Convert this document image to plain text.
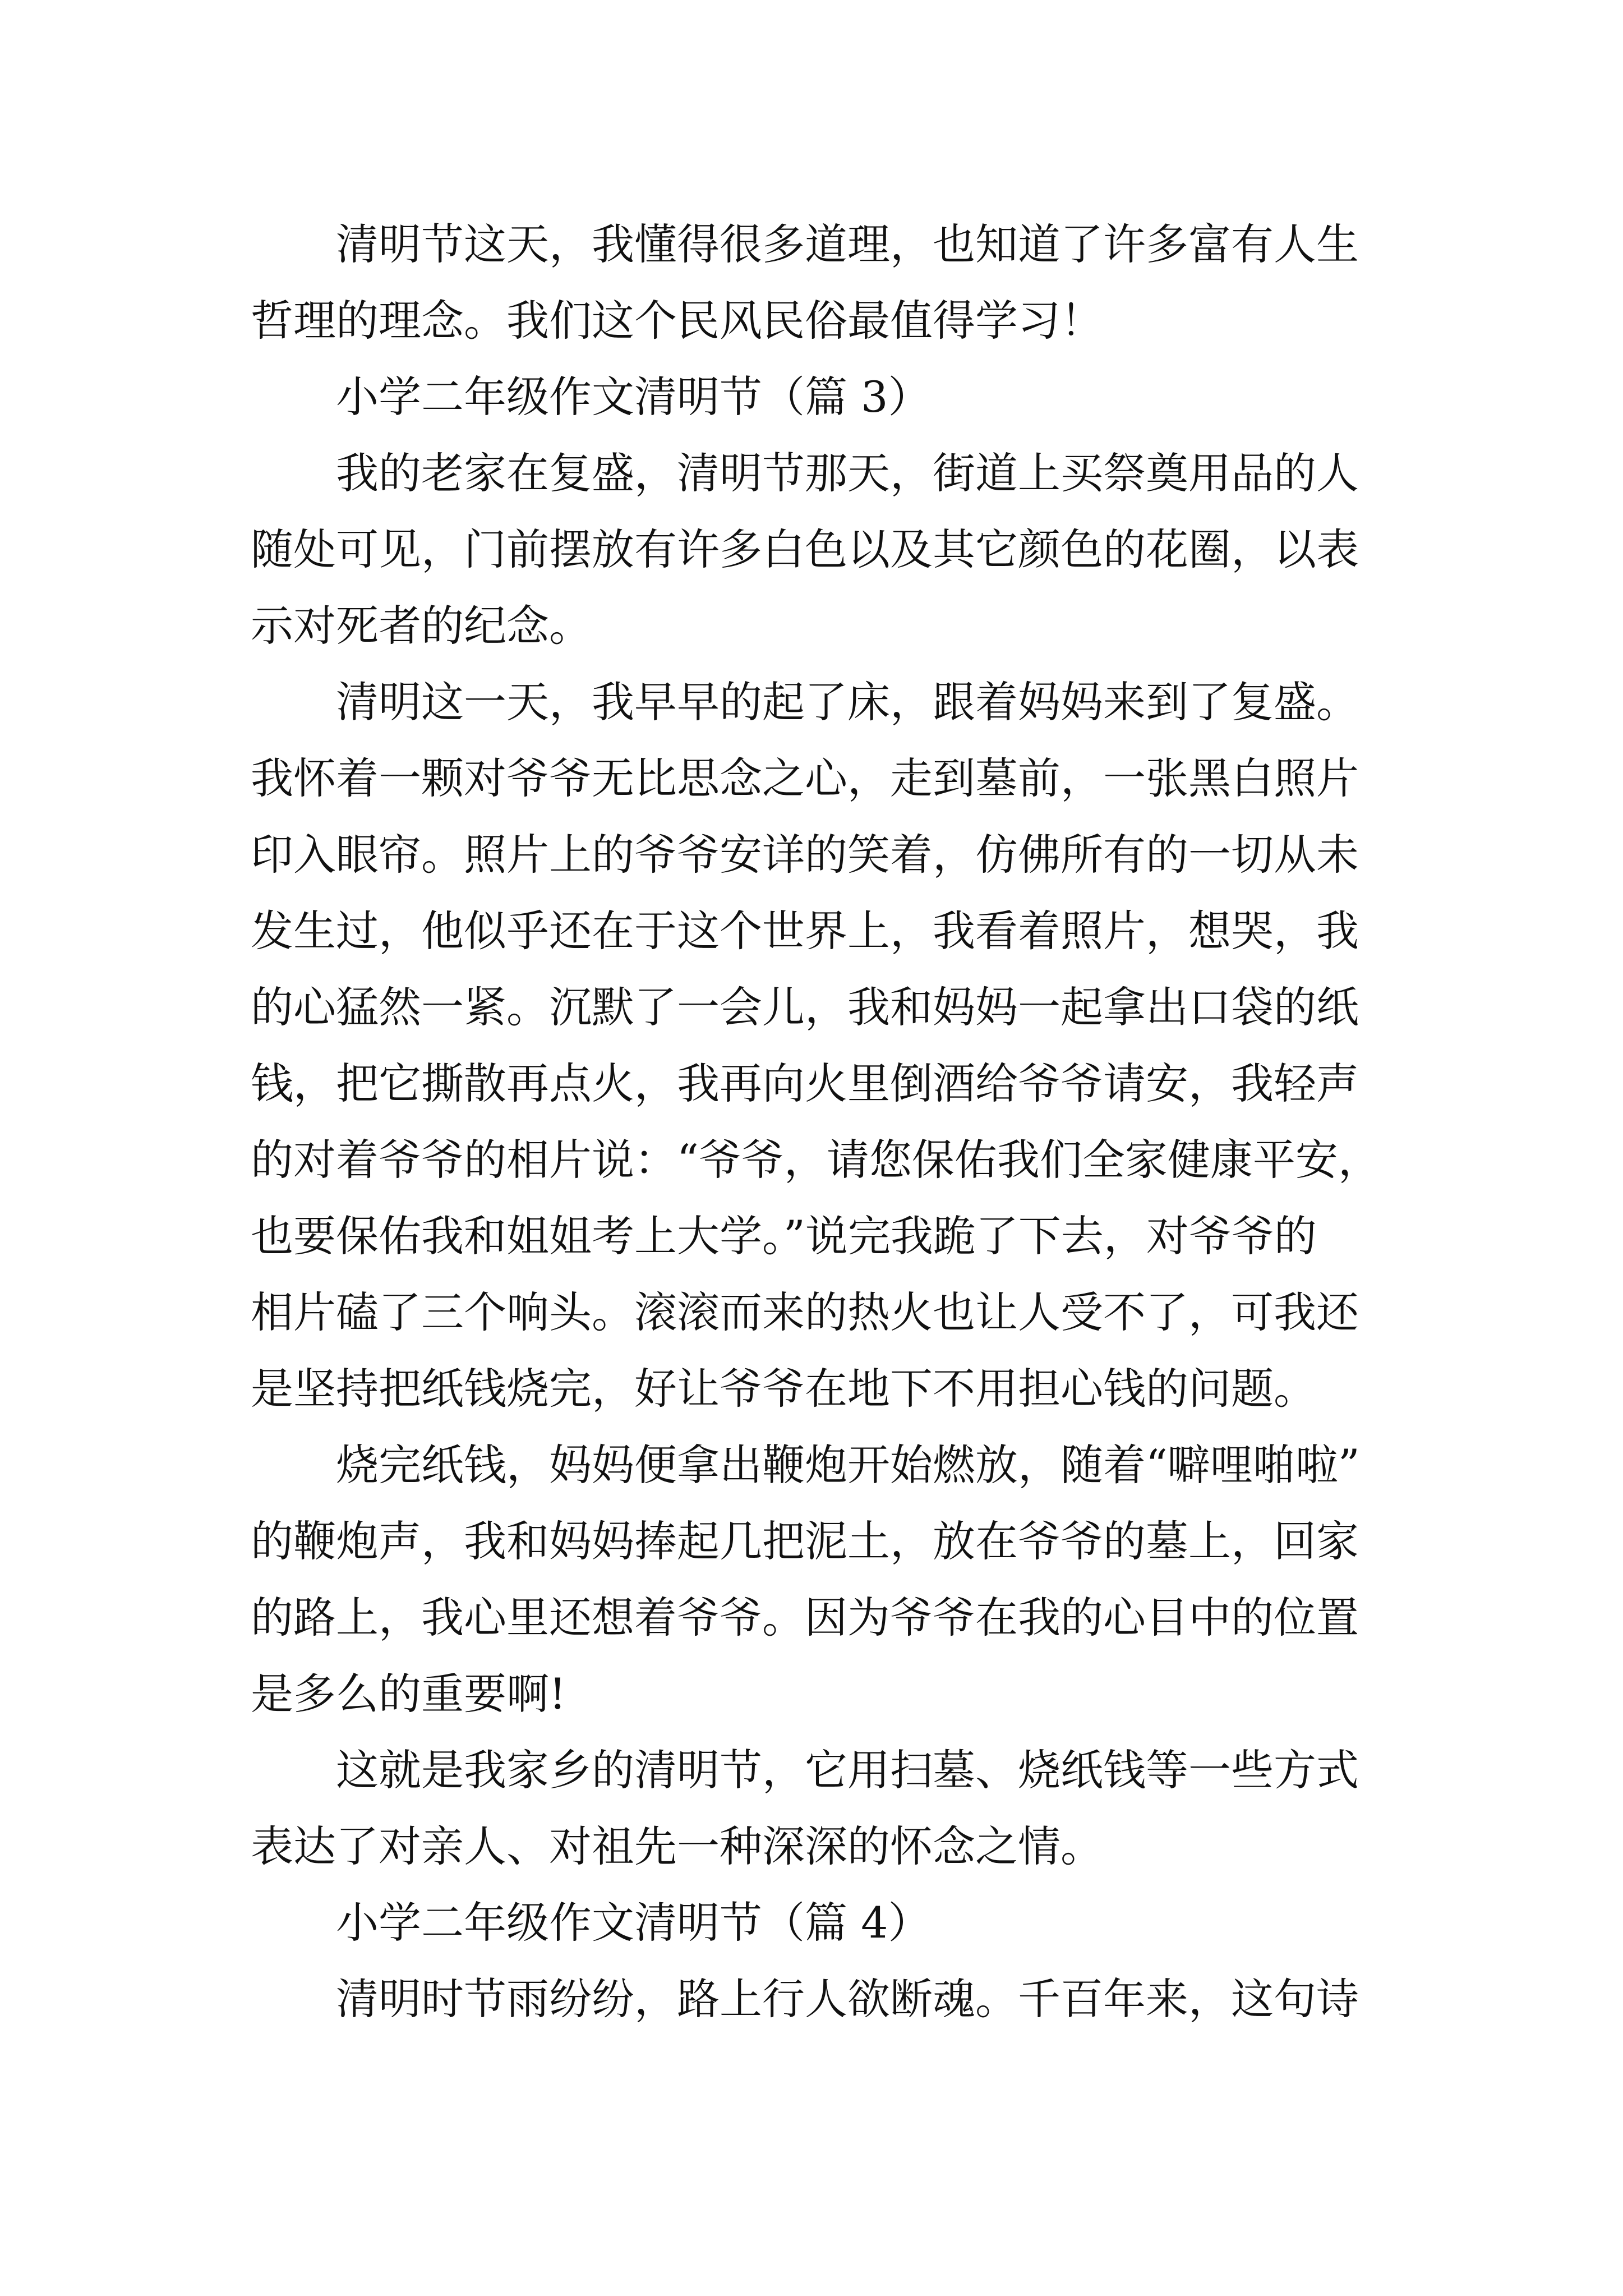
清明节这天，我懂得很多道理，也知道了许多富有人生
哲理的理念。我们这个民风民俗最值得学习！
小学二年级作文清明节（篇 3）
我的老家在复盛，清明节那天，街道上买祭奠用品的人
随处可见，门前摆放有许多白色以及其它颜色的花圈，以表
示对死者的纪念。
清明这一天，我早早的起了床，跟着妈妈来到了复盛。
我怀着一颗对爷爷无比思念之心，走到墓前，一张黑白照片
印入眼帘。照片上的爷爷安详的笑着，仿佛所有的一切从未
发生过，他似乎还在于这个世界上，我看着照片，想哭，我
的心猛然一紧。沉默了一会儿，我和妈妈一起拿出口袋的纸
钱，把它撕散再点火，我再向火里倒酒给爷爷请安，我轻声
的对着爷爷的相片说：“爷爷，请您保佑我们全家健康平安，
也要保佑我和姐姐考上大学。”说完我跪了下去，对爷爷的
相片磕了三个响头。滚滚而来的热火也让人受不了，可我还
是坚持把纸钱烧完，好让爷爷在地下不用担心钱的问题。
烧完纸钱，妈妈便拿出鞭炮开始燃放，随着“噼哩啪啦”
的鞭炮声，我和妈妈捧起几把泥土，放在爷爷的墓上，回家
的路上，我心里还想着爷爷。因为爷爷在我的心目中的位置
是多么的重要啊!
这就是我家乡的清明节，它用扫墓、烧纸钱等一些方式
表达了对亲人、对祖先一种深深的怀念之情。
小学二年级作文清明节（篇 4）
清明时节雨纷纷，路上行人欲断魂。千百年来，这句诗
